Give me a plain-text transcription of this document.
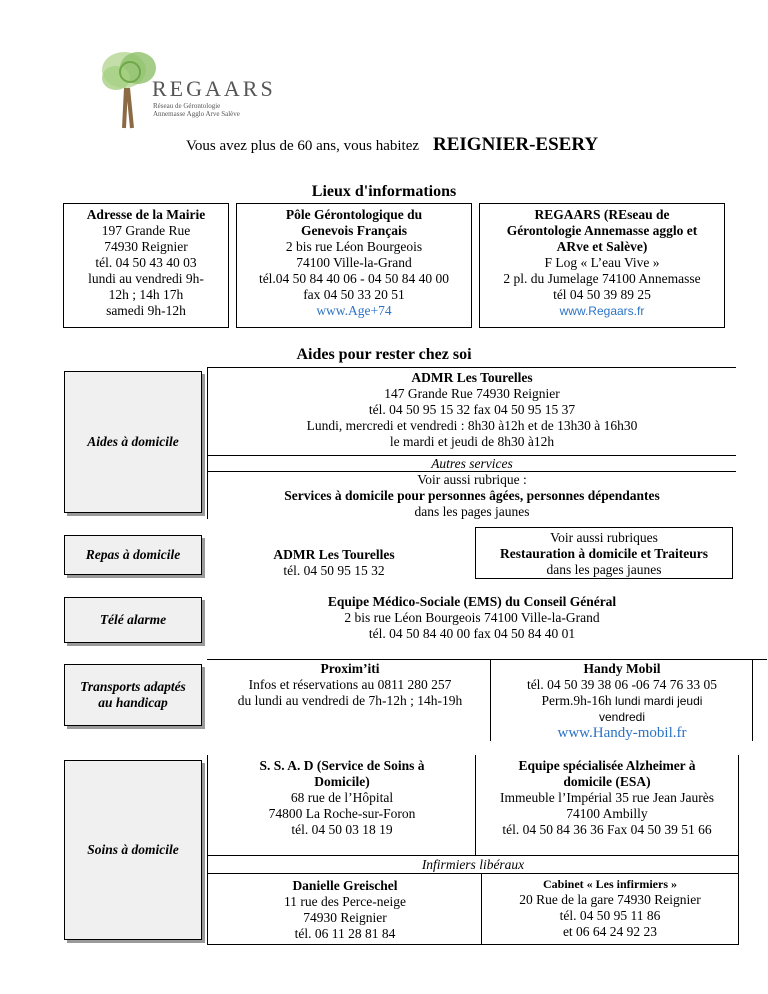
REGAARS
Réseau de Gérontologie
Annemasse Agglo Arve Salève
Vous avez plus de 60 ans, vous habitez REIGNIER-ESERY
Lieux d'informations
Adresse de la Mairie
197 Grande Rue
74930 Reignier
tél. 04 50 43 40 03
lundi au vendredi 9h-
12h ; 14h 17h
samedi 9h-12h
Pôle Gérontologique du
Genevois Français
2 bis rue Léon Bourgeois
74100 Ville-la-Grand
tél.04 50 84 40 06 - 04 50 84 40 00
fax 04 50 33 20 51
www.Age+74
REGAARS (REseau de
Gérontologie Annemasse agglo et
ARve et Salève)
F Log « L’eau Vive »
2 pl. du Jumelage 74100 Annemasse
tél 04 50 39 89 25
www.Regaars.fr
Aides pour rester chez soi
Aides à domicile
ADMR Les Tourelles
147 Grande Rue 74930 Reignier
tél. 04 50 95 15 32 fax 04 50 95 15 37
Lundi, mercredi et vendredi : 8h30 à12h et de 13h30 à 16h30
le mardi et jeudi de 8h30 à12h
Autres services
Voir aussi rubrique :
Services à domicile pour personnes âgées, personnes dépendantes
dans les pages jaunes
Repas à domicile	ADMR Les Tourelles
tél. 04 50 95 15 32
Voir aussi rubriques
Restauration à domicile et Traiteurs
dans les pages jaunes
Télé alarme
Equipe Médico-Sociale (EMS) du Conseil Général
2 bis rue Léon Bourgeois 74100 Ville-la-Grand
tél. 04 50 84 40 00 fax 04 50 84 40 01
Transports adaptés
au handicap
Proxim’iti
Infos et réservations au 0811 280 257
du lundi au vendredi de 7h-12h ; 14h-19h
Handy Mobil
tél. 04 50 39 38 06 -06 74 76 33 05
Perm.9h-16h lundi mardi jeudi
vendredi
www.Handy-mobil.fr
Soins à domicile
S. S. A. D (Service de Soins à
Domicile)
68 rue de l’Hôpital
74800 La Roche-sur-Foron
tél. 04 50 03 18 19
Equipe spécialisée Alzheimer à
domicile (ESA)
Immeuble l’Impérial 35 rue Jean Jaurès
74100 Ambilly
tél. 04 50 84 36 36 Fax 04 50 39 51 66
Infirmiers libéraux
Danielle Greischel
11 rue des Perce-neige
74930 Reignier
tél. 06 11 28 81 84
Cabinet « Les infirmiers »
20 Rue de la gare 74930 Reignier
tél. 04 50 95 11 86
et 06 64 24 92 23
